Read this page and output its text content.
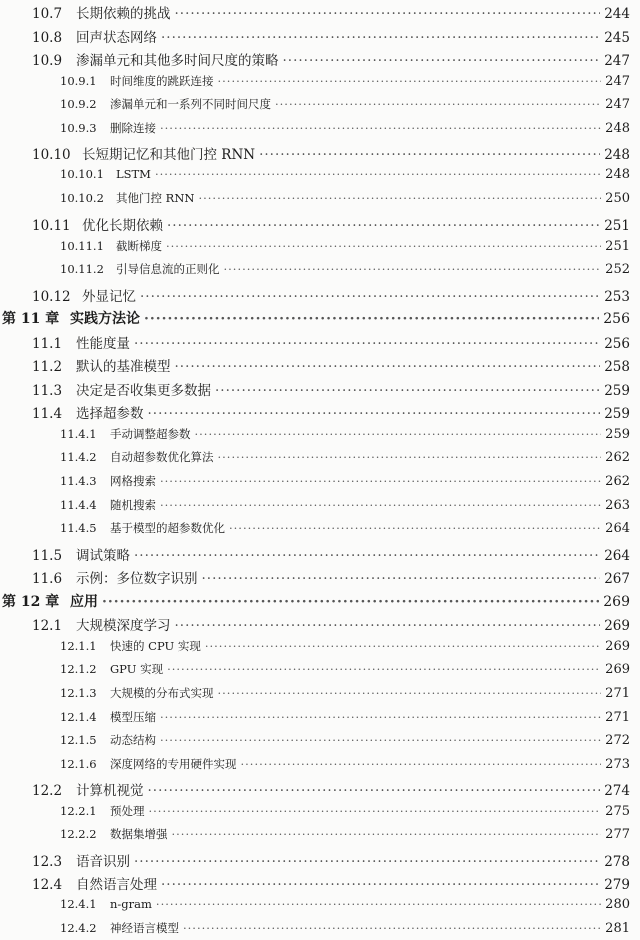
10.7	长期依赖的挑战 ·····	244
10.8	回声状态网络 ·····	245
10.9	渗漏单元和其他多时间尺度的策略 ·····	247
10.9.1	时间维度的跳跃连接 ·····	247
10.9.2	渗漏单元和一系列不同时间尺度 ·····	247
10.9.3	删除连接 ·····	248
10.10 长短期记忆和其他门控 RNN ·····	248
10.10.1	LSTM ·····	248
10.10.2	其他门控 RNN ·····	250
10.11 优化长期依赖 ·····	251
10.11.1	截断梯度 ·····	251
10.11.2	引导信息流的正则化 ·····	252
10.12 外显记忆 ·····	253
第 11 章 实践方法论 ·····	256
11.1	性能度量 ·····	256
11.2	默认的基准模型 ·····	258
11.3	决定是否收集更多数据 ·····	259
11.4	选择超参数 ·····	259
11.4.1	手动调整超参数 ·····	259
11.4.2	自动超参数优化算法 ·····	262
11.4.3	网格搜索 ·····	262
11.4.4	随机搜索 ·····	263
11.4.5	基于模型的超参数优化 ·····	264
11.5	调试策略 ·····	264
11.6	示例：多位数字识别 ·····	267
第 12 章 应用 ·····	269
12.1	大规模深度学习 ·····	269
12.1.1	快速的 CPU 实现 ·····	269
12.1.2	GPU 实现 ·····	269
12.1.3	大规模的分布式实现 ·····	271
12.1.4	模型压缩 ·····	271
12.1.5	动态结构 ·····	272
12.1.6	深度网络的专用硬件实现 ·····	273
12.2	计算机视觉 ·····	274
12.2.1	预处理 ·····	275
12.2.2	数据集增强 ·····	277
12.3	语音识别 ·····	278
12.4	自然语言处理 ·····	279
12.4.1	n-gram ·····	280
12.4.2	神经语言模型 ·····	281
